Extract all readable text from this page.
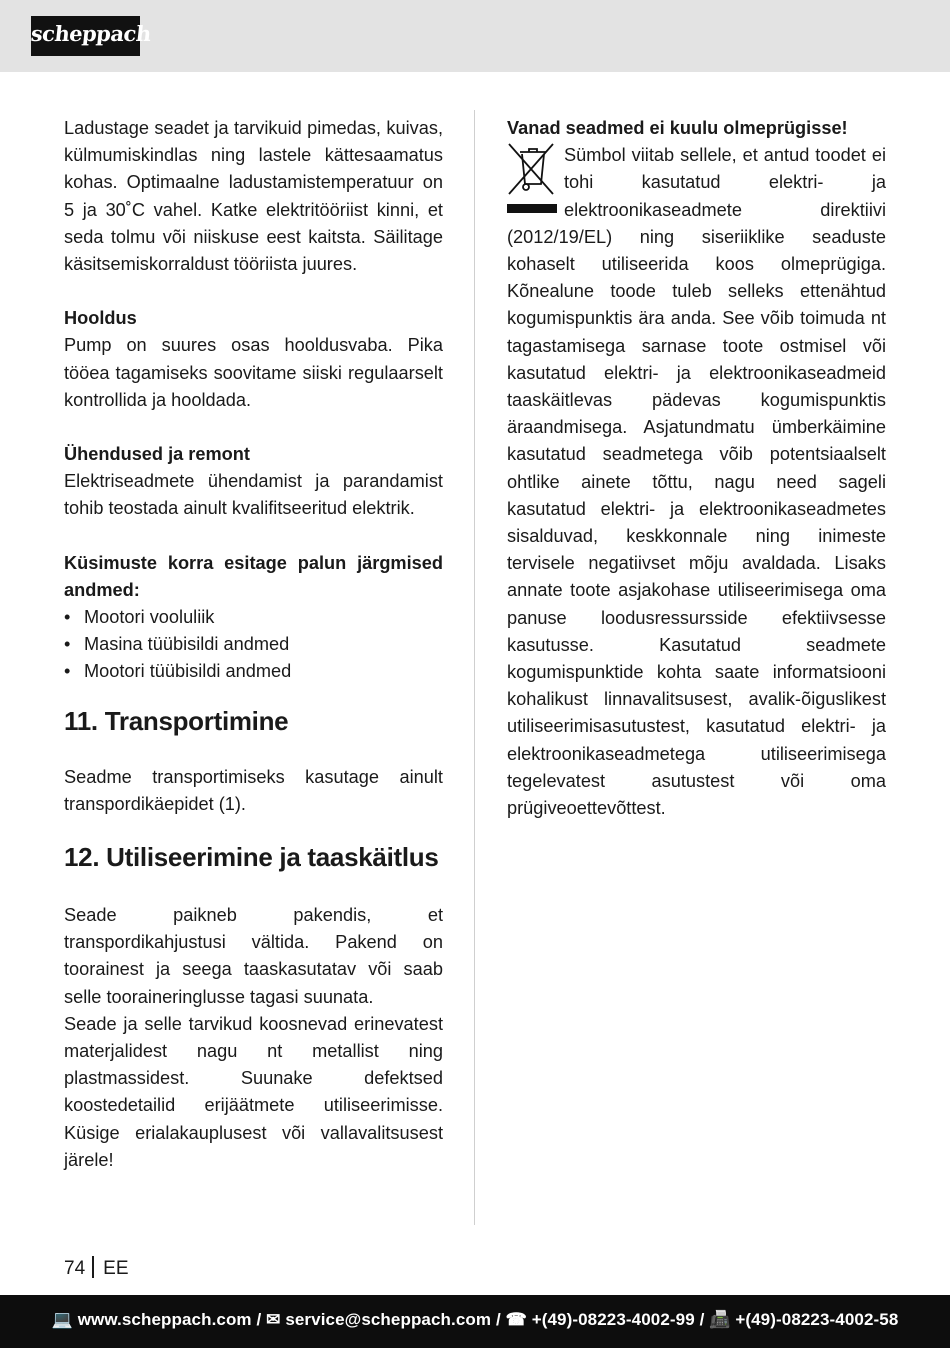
scheppach

Ladustage seadet ja tarvikuid pimedas, kuivas, külmumiskindlas ning lastele kättesaamatus kohas. Optimaalne ladustamistemperatuur on 5 ja 30˚C vahel. Katke elektritööriist kinni, et seda tolmu või niiskuse eest kaitsta. Säilitage käsitsemiskorraldust tööriista juures.

Hooldus

Pump on suures osas hooldusvaba. Pika tööea tagamiseks soovitame siiski regulaarselt kontrollida ja hooldada.

Ühendused ja remont

Elektriseadmete ühendamist ja parandamist tohib teostada ainult kvalifitseeritud elektrik.

Küsimuste korra esitage palun järgmised andmed:

• Mootori vooluliik
• Masina tüübisildi andmed
• Mootori tüübisildi andmed

11. Transportimine

Seadme transportimiseks kasutage ainult transpordikäepidet (1).

12. Utiliseerimine ja taaskäitlus

Seade paikneb pakendis, et transpordikahjustusi vältida. Pakend on toorainest ja seega taaskasutatav või saab selle tooraineringlusse tagasi suunata.

Seade ja selle tarvikud koosnevad erinevatest materjalidest nagu nt metallist ning plastmassidest. Suunake defektsed koostedetailid erijäätmete utiliseerimisse. Küsige erialakauplusest või vallavalitsusest järele!

Vanad seadmed ei kuulu olmeprügisse!

Sümbol viitab sellele, et antud toodet ei tohi kasutatud elektri- ja elektroonikaseadmete direktiivi (2012/19/EL) ning siseriiklike seaduste kohaselt utiliseerida koos olmeprügiga. Kõnealune toode tuleb selleks ettenähtud kogumispunktis ära anda. See võib toimuda nt tagastamisega sarnase toote ostmisel või kasutatud elektri- ja elektroonikaseadmeid taaskäitlevas pädevas kogumispunktis äraandmisega. Asjatundmatu ümberkäimine kasutatud seadmetega võib potentsiaalselt ohtlike ainete tõttu, nagu need sageli kasutatud elektri- ja elektroonikaseadmetes sisalduvad, keskkonnale ning inimeste tervisele negatiivset mõju avaldada. Lisaks annate toote asjakohase utiliseerimisega oma panuse loodusressursside efektiivsesse kasutusse. Kasutatud seadmete kogumispunktide kohta saate informatsiooni kohalikust linnavalitsusest, avalik-õiguslikest utiliseerimisasutustest, kasutatud elektri- ja elektroonikaseadmetega utiliseerimisega tegelevatest asutustest või oma prügiveoettevõttest.

74 EE
💻 www.scheppach.com / ✉ service@scheppach.com / ☎ +(49)-08223-4002-99 / 📠 +(49)-08223-4002-58
